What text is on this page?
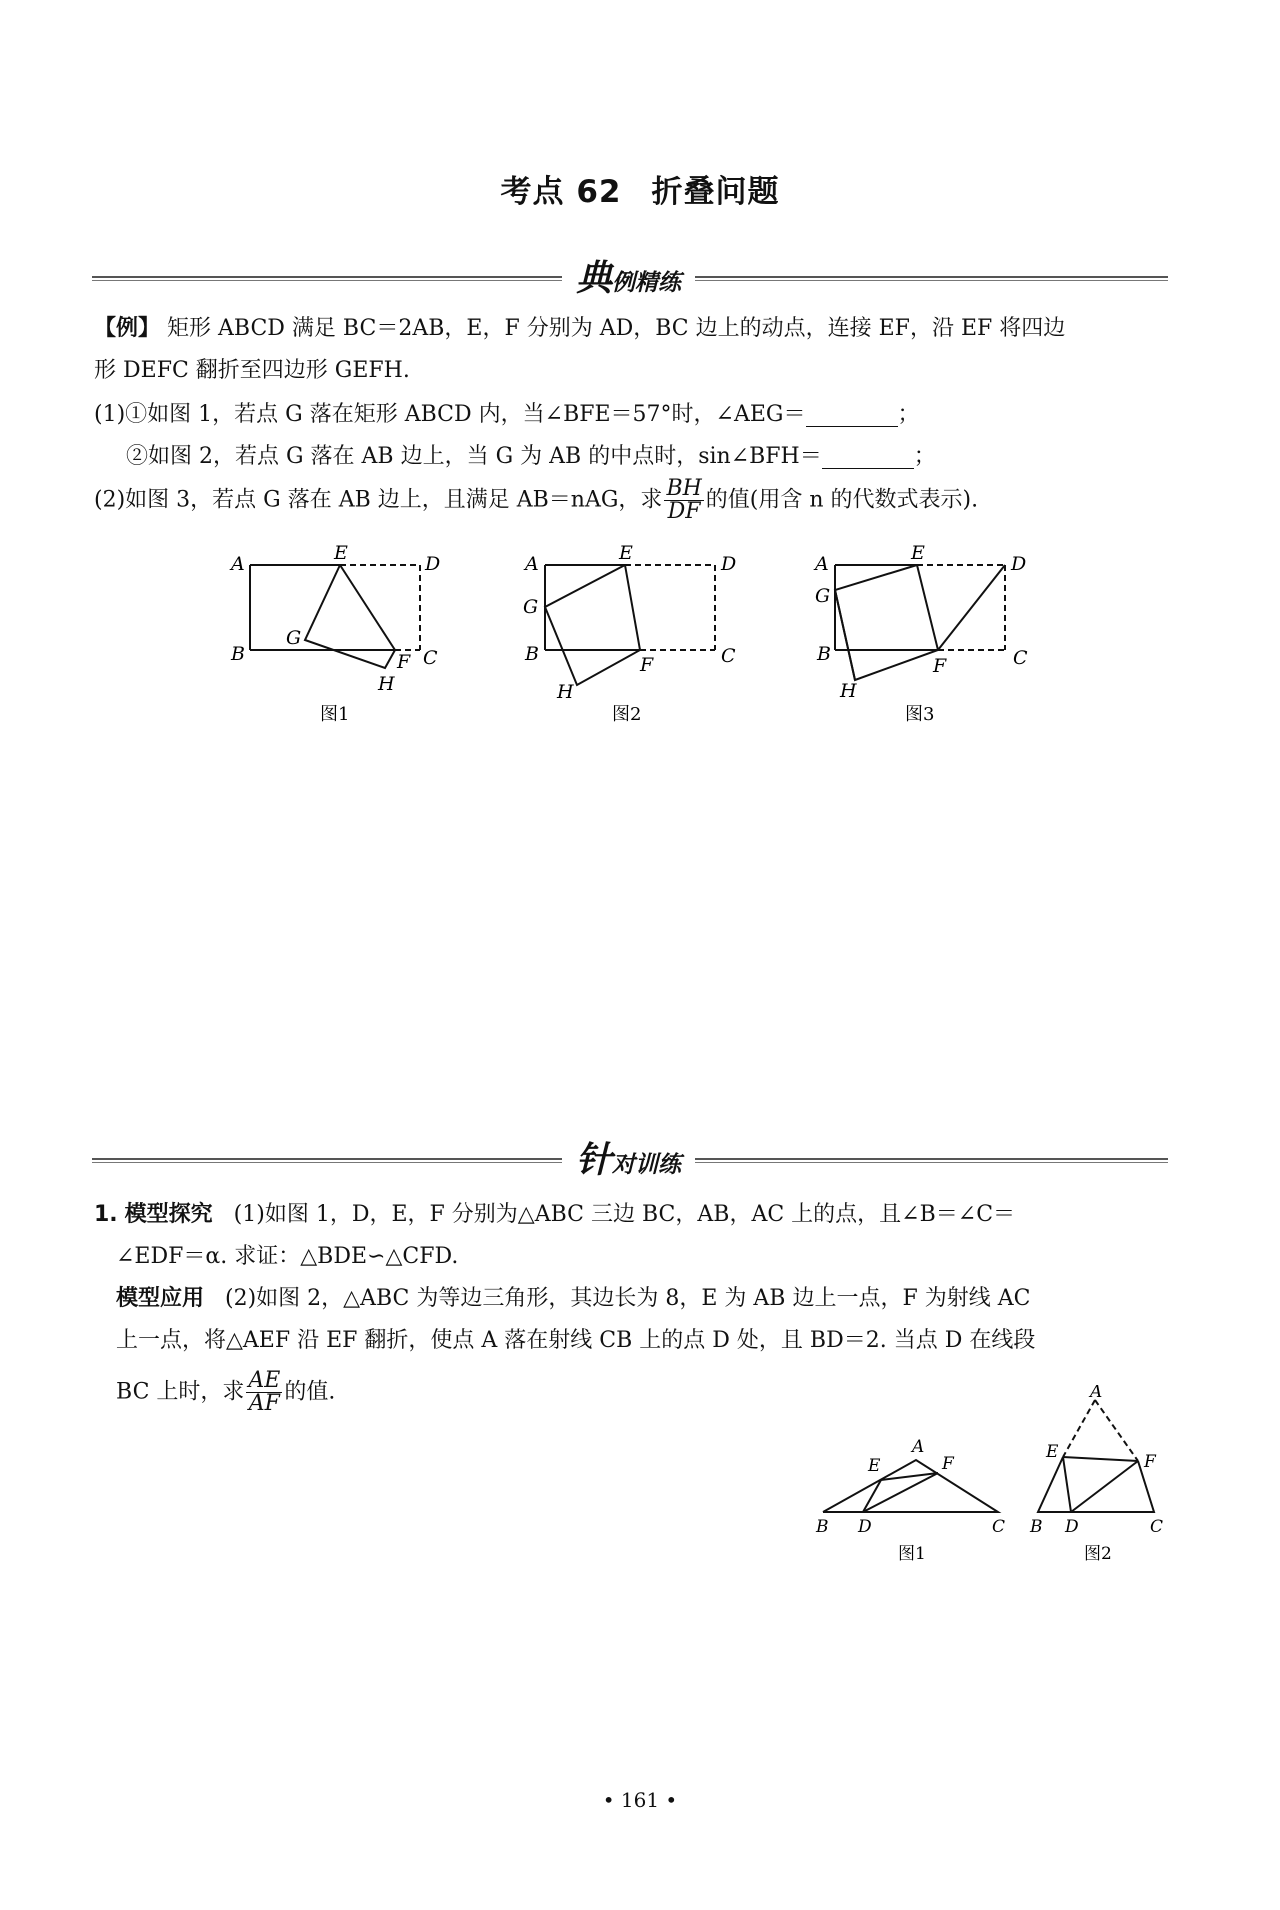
考点 62 折叠问题
典例精练
【例】 矩形 ABCD 满足 BC＝2AB，E，F 分别为 AD，BC 边上的动点，连接 EF，沿 EF 将四边
形 DEFC 翻折至四边形 GEFH.
(1)①如图 1，若点 G 落在矩形 ABCD 内，当∠BFE＝57°时，∠AEG＝	；
②如图 2，若点 G 落在 AB 边上，当 G 为 AB 的中点时，sin∠BFH＝	；
(2)如图 3，若点 G 落在 AB 边上，且满足 AB＝nAG，求 $\frac{BH}{DF}$ 的值(用含 n 的代数式表示).
A	E	D
B
G
F C
H
图1
A	E	D
G
B	F	C
H
图2
A	E	D
G
B
F	C
H
图3
针对训练
1. 模型探究 (1)如图 1，D，E，F 分别为△ABC 三边 BC，AB，AC 上的点，且∠B＝∠C＝
∠EDF＝α. 求证：△BDE∽△CFD.
模型应用 (2)如图 2，△ABC 为等边三角形，其边长为 8，E 为 AB 边上一点，F 为射线 AC
上一点，将△AEF 沿 EF 翻折，使点 A 落在射线 CB 上的点 D 处，且 BD＝2. 当点 D 在线段
BC 上时，求 $\frac{AE}{AF}$ 的值.
A
E	F
B D	C
图1
A
E	F
B D	C
图2
• 161 •
